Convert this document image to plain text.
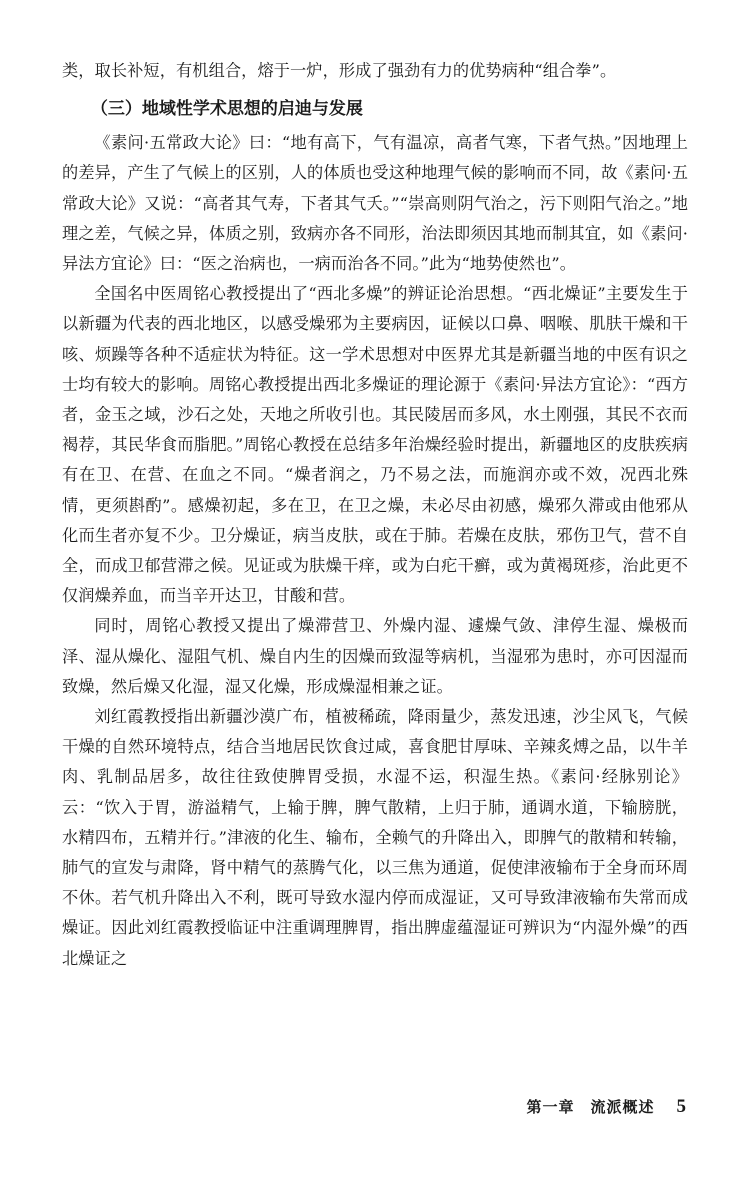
类，取长补短，有机组合，熔于一炉，形成了强劲有力的优势病种“组合拳”。

（三）地域性学术思想的启迪与发展

《素问·五常政大论》曰：“地有高下，气有温凉，高者气寒，下者气热。”因地理上的差异，产生了气候上的区别，人的体质也受这种地理气候的影响而不同，故《素问·五常政大论》又说：“高者其气寿，下者其气夭。”“崇高则阴气治之，污下则阳气治之。”地理之差，气候之异，体质之别，致病亦各不同形，治法即须因其地而制其宜，如《素问·异法方宜论》曰：“医之治病也，一病而治各不同。”此为“地势使然也”。

全国名中医周铭心教授提出了“西北多燥”的辨证论治思想。“西北燥证”主要发生于以新疆为代表的西北地区，以感受燥邪为主要病因，证候以口鼻、咽喉、肌肤干燥和干咳、烦躁等各种不适症状为特征。这一学术思想对中医界尤其是新疆当地的中医有识之士均有较大的影响。周铭心教授提出西北多燥证的理论源于《素问·异法方宜论》：“西方者，金玉之域，沙石之处，天地之所收引也。其民陵居而多风，水土刚强，其民不衣而褐荐，其民华食而脂肥。”周铭心教授在总结多年治燥经验时提出，新疆地区的皮肤疾病有在卫、在营、在血之不同。“燥者润之，乃不易之法，而施润亦或不效，况西北殊情，更须斟酌”。感燥初起，多在卫，在卫之燥，未必尽由初感，燥邪久滞或由他邪从化而生者亦复不少。卫分燥证，病当皮肤，或在于肺。若燥在皮肤，邪伤卫气，营不自全，而成卫郁营滞之候。见证或为肤燥干痒，或为白疕干癣，或为黄褐斑疹，治此更不仅润燥养血，而当辛开达卫，甘酸和营。

同时，周铭心教授又提出了燥滞营卫、外燥内湿、遽燥气敛、津停生湿、燥极而泽、湿从燥化、湿阻气机、燥自内生的因燥而致湿等病机，当湿邪为患时，亦可因湿而致燥，然后燥又化湿，湿又化燥，形成燥湿相兼之证。

刘红霞教授指出新疆沙漠广布，植被稀疏，降雨量少，蒸发迅速，沙尘风飞，气候干燥的自然环境特点，结合当地居民饮食过咸，喜食肥甘厚味、辛辣炙煿之品，以牛羊肉、乳制品居多，故往往致使脾胃受损，水湿不运，积湿生热。《素问·经脉别论》云：“饮入于胃，游溢精气，上输于脾，脾气散精，上归于肺，通调水道，下输膀胱，水精四布，五精并行。”津液的化生、输布，全赖气的升降出入，即脾气的散精和转输，肺气的宣发与肃降，肾中精气的蒸腾气化，以三焦为通道，促使津液输布于全身而环周不休。若气机升降出入不利，既可导致水湿内停而成湿证，又可导致津液输布失常而成燥证。因此刘红霞教授临证中注重调理脾胃，指出脾虚蕴湿证可辨识为“内湿外燥”的西北燥证之

第一章　流派概述 5
